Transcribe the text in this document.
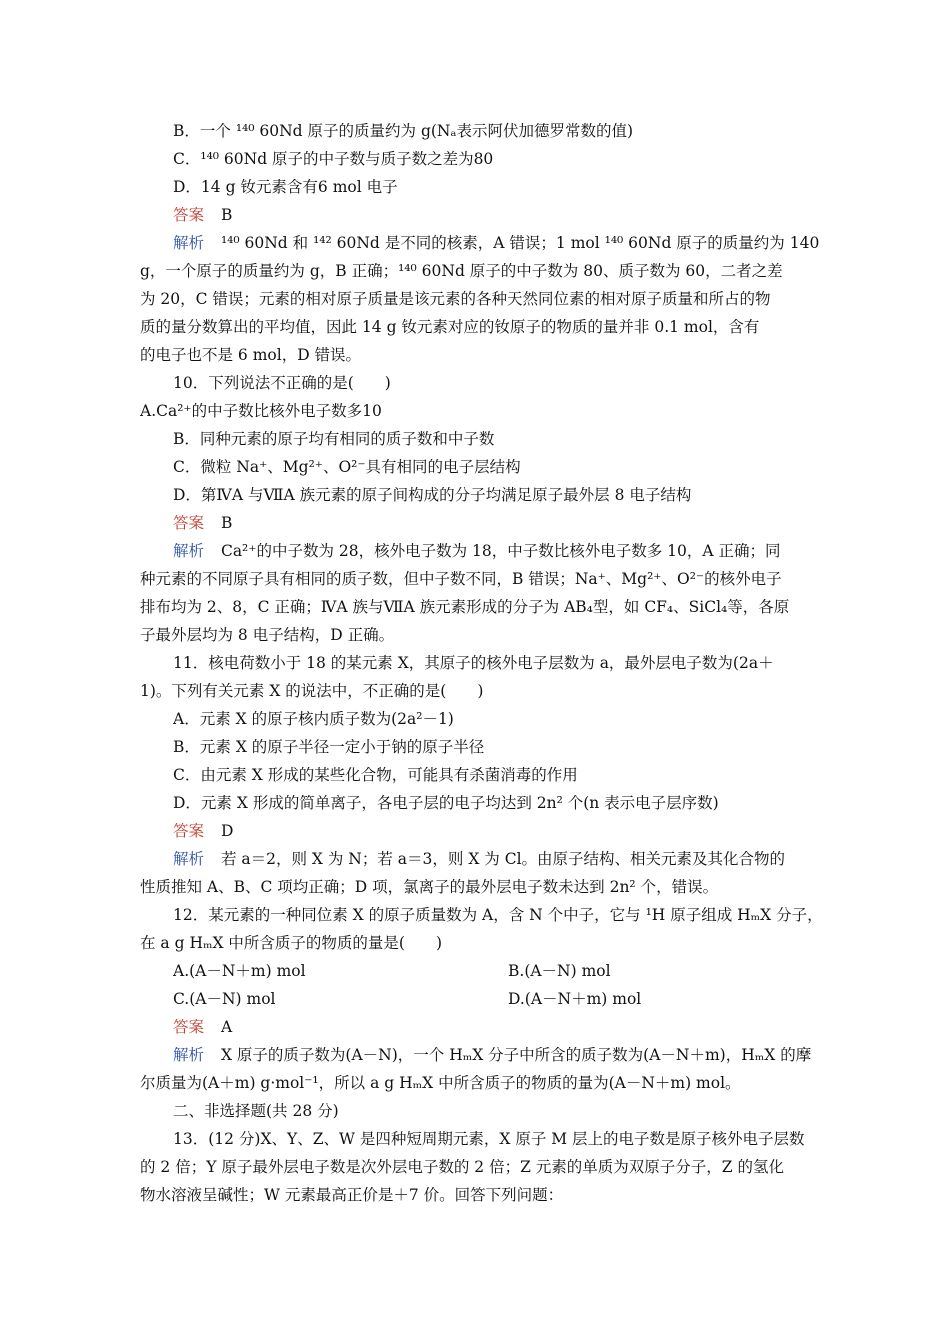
B．一个 ¹⁴⁰ 60Nd 原子的质量约为 g(Nₐ表示阿伏加德罗常数的值)
C．¹⁴⁰ 60Nd 原子的中子数与质子数之差为80
D．14 g 钕元素含有6 mol 电子
答案 B
解析 ¹⁴⁰ 60Nd 和 ¹⁴² 60Nd 是不同的核素，A 错误；1 mol ¹⁴⁰ 60Nd 原子的质量约为 140
g，一个原子的质量约为 g，B 正确；¹⁴⁰ 60Nd 原子的中子数为 80、质子数为 60，二者之差
为 20，C 错误；元素的相对原子质量是该元素的各种天然同位素的相对原子质量和所占的物
质的量分数算出的平均值，因此 14 g 钕元素对应的钕原子的物质的量并非 0.1 mol，含有
的电子也不是 6 mol，D 错误。
10．下列说法不正确的是(　　)
A.Ca²⁺的中子数比核外电子数多10
B．同种元素的原子均有相同的质子数和中子数
C．微粒 Na⁺、Mg²⁺、O²⁻具有相同的电子层结构
D．第ⅣA 与ⅦA 族元素的原子间构成的分子均满足原子最外层 8 电子结构
答案 B
解析 Ca²⁺的中子数为 28，核外电子数为 18，中子数比核外电子数多 10，A 正确；同
种元素的不同原子具有相同的质子数，但中子数不同，B 错误；Na⁺、Mg²⁺、O²⁻的核外电子
排布均为 2、8，C 正确；ⅣA 族与ⅦA 族元素形成的分子为 AB₄型，如 CF₄、SiCl₄等，各原
子最外层均为 8 电子结构，D 正确。
11．核电荷数小于 18 的某元素 X，其原子的核外电子层数为 a，最外层电子数为(2a＋
1)。下列有关元素 X 的说法中，不正确的是(　　)
A．元素 X 的原子核内质子数为(2a²－1)
B．元素 X 的原子半径一定小于钠的原子半径
C．由元素 X 形成的某些化合物，可能具有杀菌消毒的作用
D．元素 X 形成的简单离子，各电子层的电子均达到 2n² 个(n 表示电子层序数)
答案 D
解析 若 a＝2，则 X 为 N；若 a＝3，则 X 为 Cl。由原子结构、相关元素及其化合物的
性质推知 A、B、C 项均正确；D 项，氯离子的最外层电子数未达到 2n² 个，错误。
12．某元素的一种同位素 X 的原子质量数为 A，含 N 个中子，它与 ¹H 原子组成 HₘX 分子，
在 a g HₘX 中所含质子的物质的量是(　　)
A.(A－N＋m) mol	B.(A－N) mol
C.(A－N) mol	D.(A－N＋m) mol
答案 A
解析 X 原子的质子数为(A－N)，一个 HₘX 分子中所含的质子数为(A－N＋m)，HₘX 的摩
尔质量为(A＋m) g·mol⁻¹，所以 a g HₘX 中所含质子的物质的量为(A－N＋m) mol。
二、非选择题(共 28 分)
13．(12 分)X、Y、Z、W 是四种短周期元素，X 原子 M 层上的电子数是原子核外电子层数
的 2 倍；Y 原子最外层电子数是次外层电子数的 2 倍；Z 元素的单质为双原子分子，Z 的氢化
物水溶液呈碱性；W 元素最高正价是＋7 价。回答下列问题：
